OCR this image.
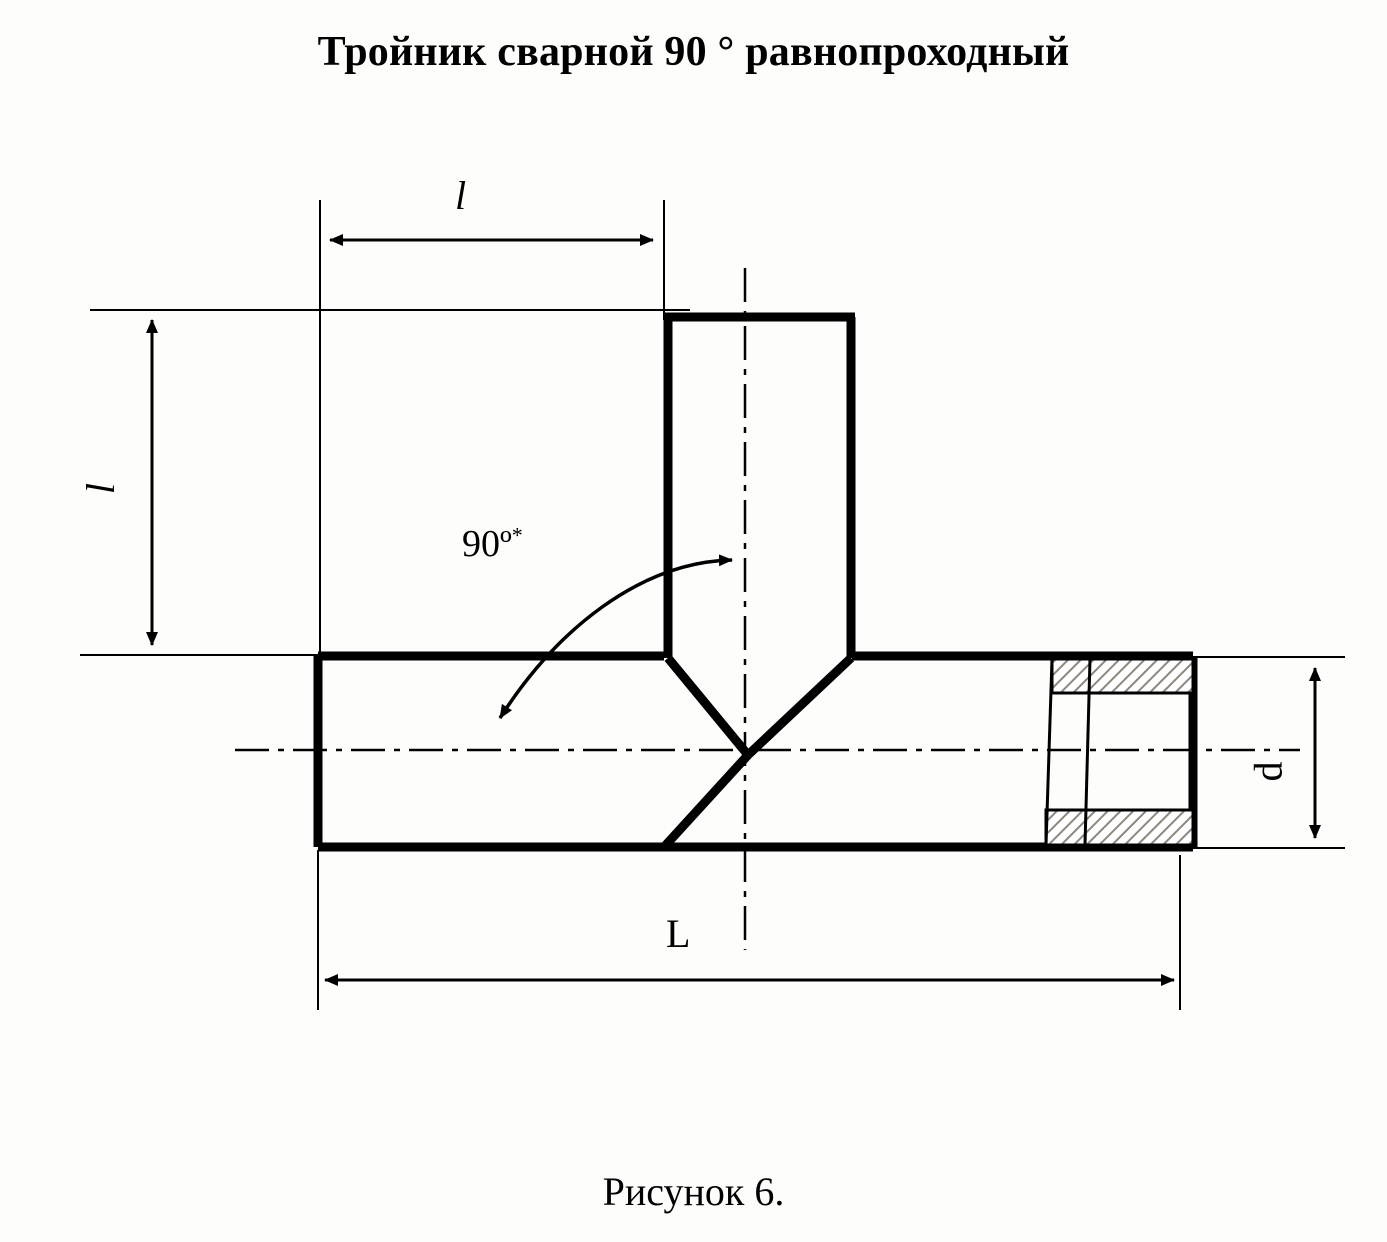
Тройник сварной 90 ° равнопроходный
l
l
90º*
L
d
Рисунок 6.
